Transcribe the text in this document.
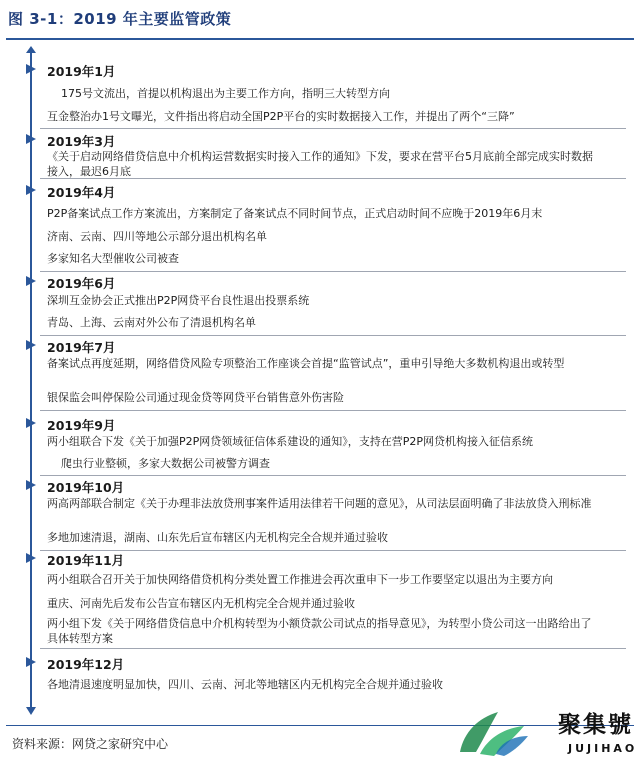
图 3-1：2019 年主要监管政策
2019年1月
175号文流出，首提以机构退出为主要工作方向，指明三大转型方向
互金整治办1号文曝光，文件指出将启动全国P2P平台的实时数据接入工作，并提出了两个“三降”
2019年3月
《关于启动网络借贷信息中介机构运营数据实时接入工作的通知》下发，要求在营平台5月底前全部完成实时数据接入，最迟6月底
2019年4月
P2P备案试点工作方案流出，方案制定了备案试点不同时间节点，正式启动时间不应晚于2019年6月末
济南、云南、四川等地公示部分退出机构名单
多家知名大型催收公司被查
2019年6月
深圳互金协会正式推出P2P网贷平台良性退出投票系统
青岛、上海、云南对外公布了清退机构名单
2019年7月
备案试点再度延期，网络借贷风险专项整治工作座谈会首提“监管试点”，重申引导绝大多数机构退出或转型
银保监会叫停保险公司通过现金贷等网贷平台销售意外伤害险
2019年9月
两小组联合下发《关于加强P2P网贷领域征信体系建设的通知》，支持在营P2P网贷机构接入征信系统
爬虫行业整顿，多家大数据公司被警方调查
2019年10月
两高两部联合制定《关于办理非法放贷刑事案件适用法律若干问题的意见》，从司法层面明确了非法放贷入刑标准
多地加速清退，湖南、山东先后宣布辖区内无机构完全合规并通过验收
2019年11月
两小组联合召开关于加快网络借贷机构分类处置工作推进会再次重申下一步工作要坚定以退出为主要方向
重庆、河南先后发布公告宣布辖区内无机构完全合规并通过验收
两小组下发《关于网络借贷信息中介机构转型为小额贷款公司试点的指导意见》，为转型小贷公司这一出路给出了具体转型方案
2019年12月
各地清退速度明显加快，四川、云南、河北等地辖区内无机构完全合规并通过验收
资料来源：网贷之家研究中心
聚集號
JUJIHAO
